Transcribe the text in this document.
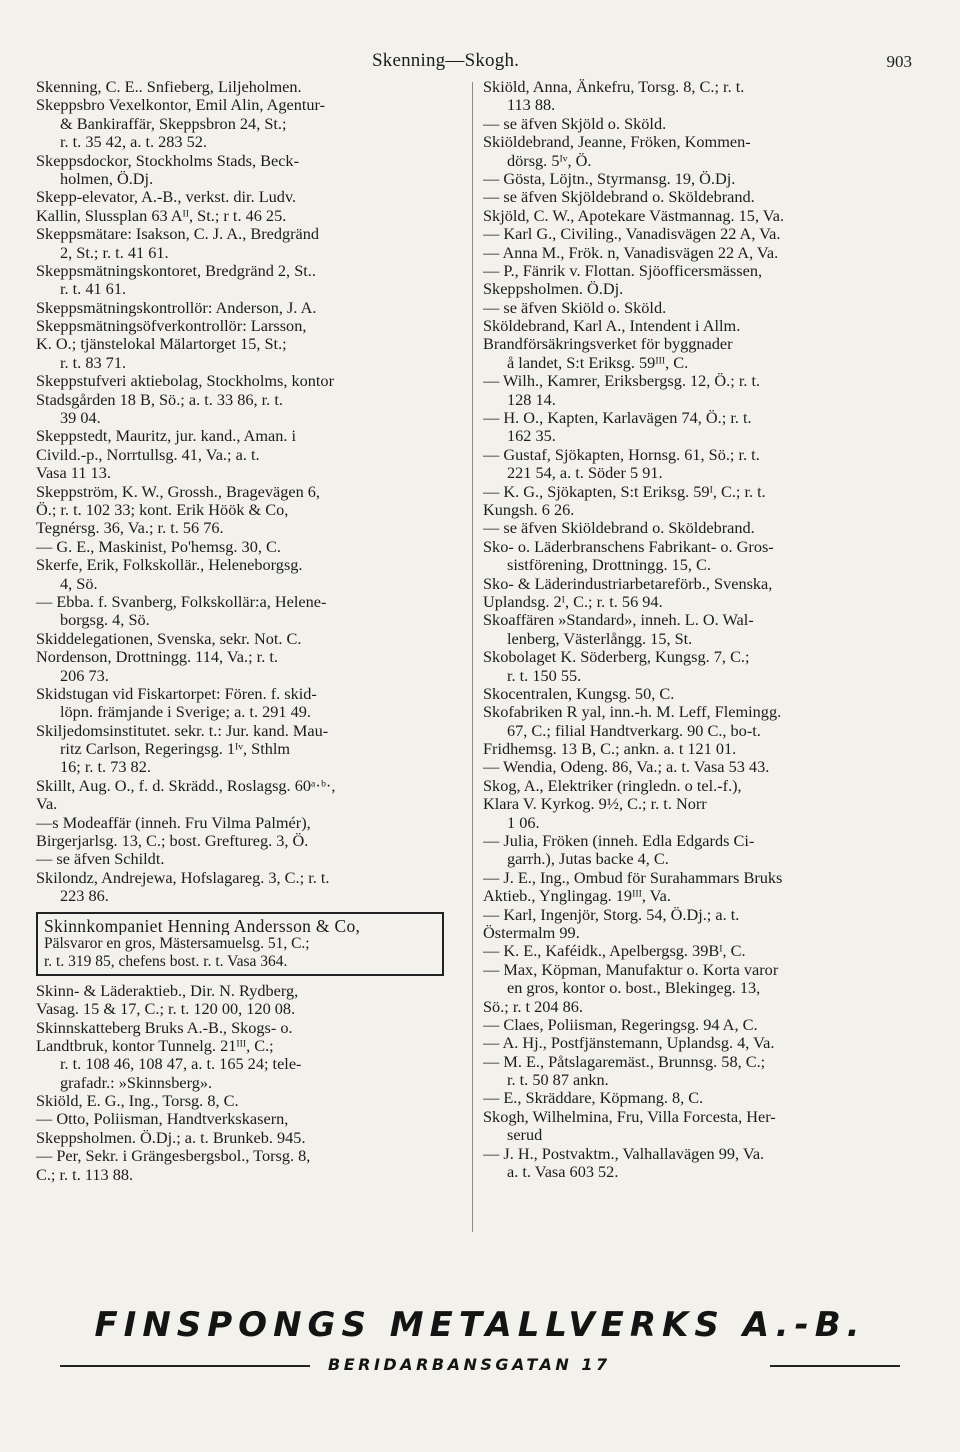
Skenning—Skogh.	903
Skenning, C. E.. Snfieberg, Liljeholmen.
Skeppsbro Vexelkontor, Emil Alin, Agentur-
& Bankiraffär, Skeppsbron 24, St.;
r. t. 35 42, a. t. 283 52.
Skeppsdockor, Stockholms Stads, Beck-
holmen, Ö.Dj.
Skepp-elevator, A.-B., verkst. dir. Ludv.
Kallin, Slussplan 63 Aᴵᴵ, St.; r t. 46 25.
Skeppsmätare: Isakson, C. J. A., Bredgränd
2, St.; r. t. 41 61.
Skeppsmätningskontoret, Bredgränd 2, St..
r. t. 41 61.
Skeppsmätningskontrollör: Anderson, J. A.
Skeppsmätningsöfverkontrollör: Larsson,
K. O.; tjänstelokal Mälartorget 15, St.;
r. t. 83 71.
Skeppstufveri aktiebolag, Stockholms, kontor
Stadsgården 18 B, Sö.; a. t. 33 86, r. t.
39 04.
Skeppstedt, Mauritz, jur. kand., Aman. i
Civild.-p., Norrtullsg. 41, Va.; a. t.
Vasa 11 13.
Skeppström, K. W., Grossh., Bragevägen 6,
Ö.; r. t. 102 33; kont. Erik Höök & Co,
Tegnérsg. 36, Va.; r. t. 56 76.
— G. E., Maskinist, Po'hemsg. 30, C.
Skerfe, Erik, Folkskollär., Heleneborgsg.
4, Sö.
— Ebba. f. Svanberg, Folkskollär:a, Helene-
borgsg. 4, Sö.
Skiddelegationen, Svenska, sekr. Not. C.
Nordenson, Drottningg. 114, Va.; r. t.
206 73.
Skidstugan vid Fiskartorpet: Fören. f. skid-
löpn. främjande i Sverige; a. t. 291 49.
Skiljedomsinstitutet. sekr. t.: Jur. kand. Mau-
ritz Carlson, Regeringsg. 1ᴵᵛ, Sthlm
16; r. t. 73 82.
Skillt, Aug. O., f. d. Skrädd., Roslagsg. 60ᵃ·ᵇ·,
Va.
—s Modeaffär (inneh. Fru Vilma Palmér),
Birgerjarlsg. 13, C.; bost. Greftureg. 3, Ö.
— se äfven Schildt.
Skilondz, Andrejewa, Hofslagareg. 3, C.; r. t.
223 86.
Skinnkompaniet Henning Andersson & Co,
Pälsvaror en gros, Mästersamuelsg. 51, C.;
r. t. 319 85, chefens bost. r. t. Vasa 364.
Skinn- & Läderaktieb., Dir. N. Rydberg,
Vasag. 15 & 17, C.; r. t. 120 00, 120 08.
Skinnskatteberg Bruks A.-B., Skogs- o.
Landtbruk, kontor Tunnelg. 21ᴵᴵᴵ, C.;
r. t. 108 46, 108 47, a. t. 165 24; tele-
grafadr.: »Skinnsberg».
Skiöld, E. G., Ing., Torsg. 8, C.
— Otto, Poliisman, Handtverkskasern,
Skeppsholmen. Ö.Dj.; a. t. Brunkeb. 945.
— Per, Sekr. i Grängesbergsbol., Torsg. 8,
C.; r. t. 113 88.
Skiöld, Anna, Änkefru, Torsg. 8, C.; r. t.
113 88.
— se äfven Skjöld o. Sköld.
Skiöldebrand, Jeanne, Fröken, Kommen-
dörsg. 5ᴵᵛ, Ö.
— Gösta, Löjtn., Styrmansg. 19, Ö.Dj.
— se äfven Skjöldebrand o. Sköldebrand.
Skjöld, C. W., Apotekare Västmannag. 15, Va.
— Karl G., Civiling., Vanadisvägen 22 A, Va.
— Anna M., Frök. n, Vanadisvägen 22 A, Va.
— P., Fänrik v. Flottan. Sjöofficersmässen,
Skeppsholmen. Ö.Dj.
— se äfven Skiöld o. Sköld.
Sköldebrand, Karl A., Intendent i Allm.
Brandförsäkringsverket för byggnader
å landet, S:t Eriksg. 59ᴵᴵᴵ, C.
— Wilh., Kamrer, Eriksbergsg. 12, Ö.; r. t.
128 14.
— H. O., Kapten, Karlavägen 74, Ö.; r. t.
162 35.
— Gustaf, Sjökapten, Hornsg. 61, Sö.; r. t.
221 54, a. t. Söder 5 91.
— K. G., Sjökapten, S:t Eriksg. 59ᴵ, C.; r. t.
Kungsh. 6 26.
— se äfven Skiöldebrand o. Sköldebrand.
Sko- o. Läderbranschens Fabrikant- o. Gros-
sistförening, Drottningg. 15, C.
Sko- & Läderindustriarbetareförb., Svenska,
Uplandsg. 2ᴵ, C.; r. t. 56 94.
Skoaffären »Standard», inneh. L. O. Wal-
lenberg, Västerlångg. 15, St.
Skobolaget K. Söderberg, Kungsg. 7, C.;
r. t. 150 55.
Skocentralen, Kungsg. 50, C.
Skofabriken R yal, inn.-h. M. Leff, Flemingg.
67, C.; filial Handtverkarg. 90 C., bo-t.
Fridhemsg. 13 B, C.; ankn. a. t 121 01.
— Wendia, Odeng. 86, Va.; a. t. Vasa 53 43.
Skog, A., Elektriker (ringledn. o tel.-f.),
Klara V. Kyrkog. 9½, C.; r. t. Norr
1 06.
— Julia, Fröken (inneh. Edla Edgards Ci-
garrh.), Jutas backe 4, C.
— J. E., Ing., Ombud för Surahammars Bruks
Aktieb., Ynglingag. 19ᴵᴵᴵ, Va.
— Karl, Ingenjör, Storg. 54, Ö.Dj.; a. t.
Östermalm 99.
— K. E., Kaféidk., Apelbergsg. 39Bᴵ, C.
— Max, Köpman, Manufaktur o. Korta varor
en gros, kontor o. bost., Blekingeg. 13,
Sö.; r. t 204 86.
— Claes, Poliisman, Regeringsg. 94 A, C.
— A. Hj., Postfjänstemann, Uplandsg. 4, Va.
— M. E., Påtslagaremäst., Brunnsg. 58, C.;
r. t. 50 87 ankn.
— E., Skräddare, Köpmang. 8, C.
Skogh, Wilhelmina, Fru, Villa Forcesta, Her-
serud
— J. H., Postvaktm., Valhallavägen 99, Va.
a. t. Vasa 603 52.
FINSPONGS METALLVERKS A.-B.
BERIDARBANSGATAN 17
